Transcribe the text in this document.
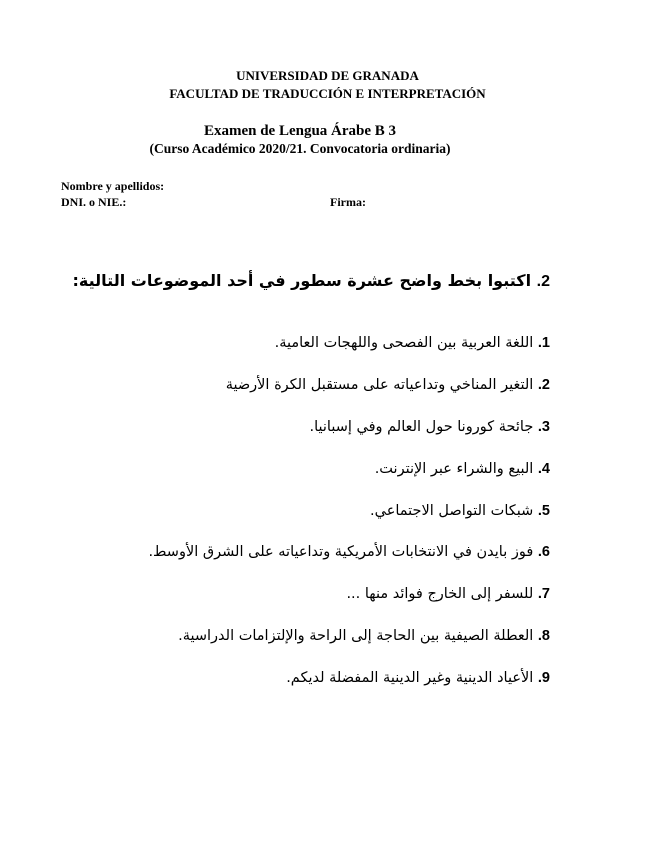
UNIVERSIDAD DE GRANADA
FACULTAD DE TRADUCCIÓN E INTERPRETACIÓN
Examen de Lengua Árabe B 3
(Curso Académico 2020/21. Convocatoria ordinaria)
Nombre y apellidos:
DNI. o NIE.:	Firma:
2. اكتبوا بخط واضح عشرة سطور في أحد الموضوعات التالية:
1. اللغة العربية بين الفصحى واللهجات العامية.
2. التغير المناخي وتداعياته على مستقبل الكرة الأرضية
3. جائحة كورونا حول العالم وفي إسبانيا.
4. البيع والشراء عبر الإنترنت.
5. شبكات التواصل الاجتماعي.
6. فوز بايدن في الانتخابات الأمريكية وتداعياته على الشرق الأوسط.
7. للسفر إلى الخارج فوائد منها ...
8. العطلة الصيفية بين الحاجة إلى الراحة والإلتزامات الدراسية.
9. الأعياد الدينية وغير الدينية المفضلة لديكم.
